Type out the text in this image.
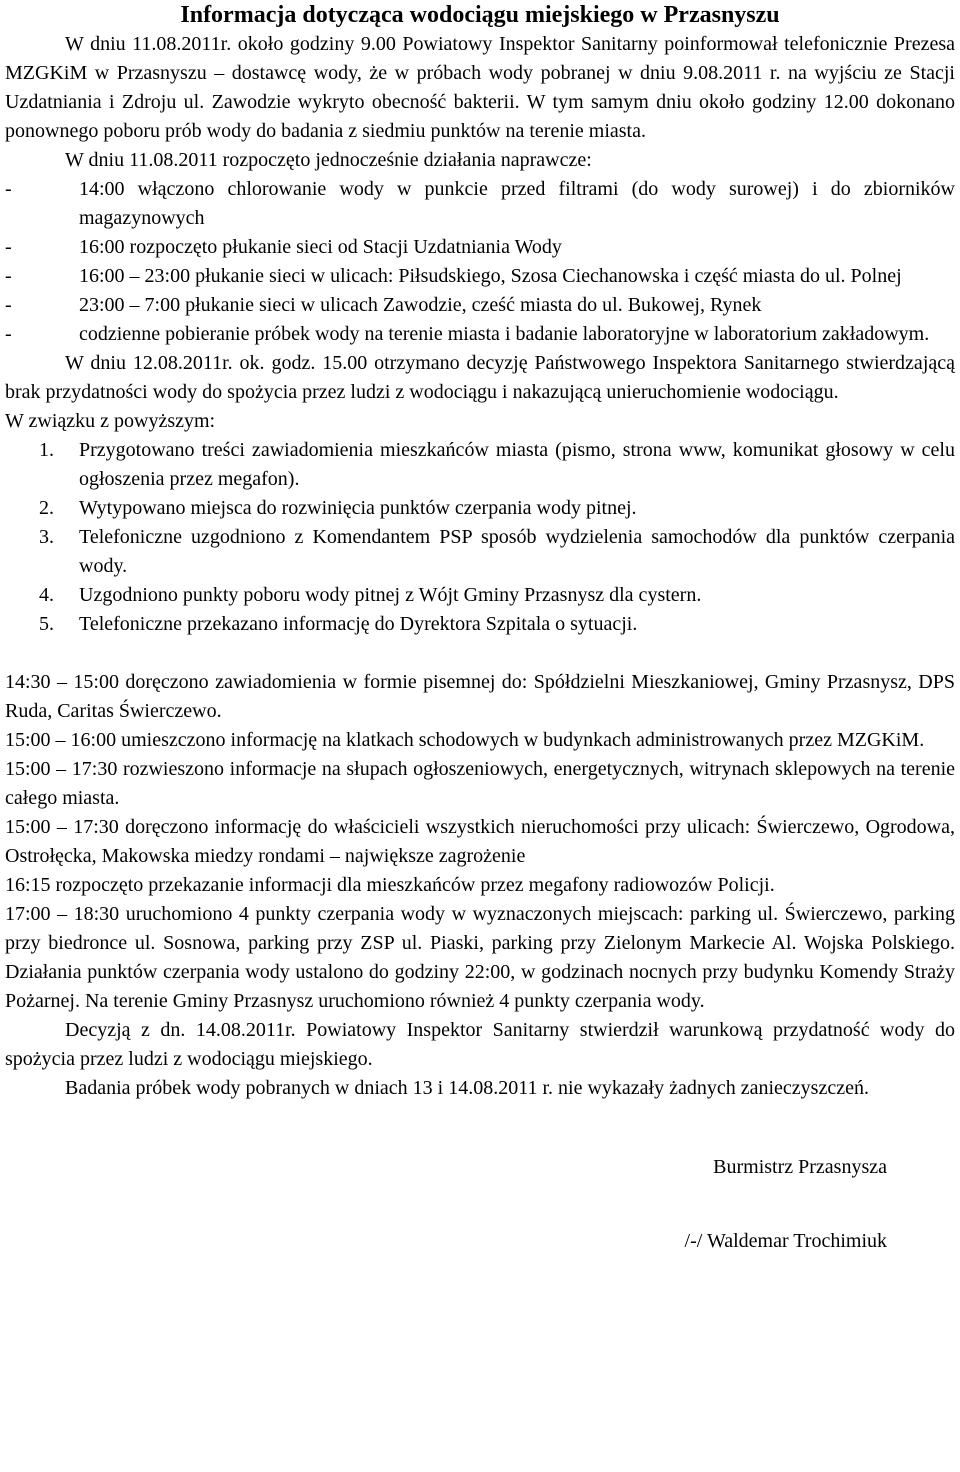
Informacja dotycząca wodociągu miejskiego w Przasnyszu

W dniu 11.08.2011r. około godziny 9.00 Powiatowy Inspektor Sanitarny poinformował telefonicznie Prezesa MZGKiM w Przasnyszu – dostawcę wody, że w próbach wody pobranej w dniu 9.08.2011 r. na wyjściu ze Stacji Uzdatniania i Zdroju ul. Zawodzie wykryto obecność bakterii. W tym samym dniu około godziny 12.00 dokonano ponownego poboru prób wody do badania z siedmiu punktów na terenie miasta.

W dniu 11.08.2011 rozpoczęto jednocześnie działania naprawcze:

-	14:00 włączono chlorowanie wody w punkcie przed filtrami (do wody surowej) i do zbiorników magazynowych
-	16:00 rozpoczęto płukanie sieci od Stacji Uzdatniania Wody
-	16:00 – 23:00 płukanie sieci w ulicach: Piłsudskiego, Szosa Ciechanowska i część miasta do ul. Polnej
-	23:00 – 7:00 płukanie sieci w ulicach Zawodzie, cześć miasta do ul. Bukowej, Rynek
-	codzienne pobieranie próbek wody na terenie miasta i badanie laboratoryjne w laboratorium zakładowym.

W dniu 12.08.2011r. ok. godz. 15.00 otrzymano decyzję Państwowego Inspektora Sanitarnego stwierdzającą brak przydatności wody do spożycia przez ludzi z wodociągu i nakazującą unieruchomienie wodociągu.

W związku z powyższym:

1. Przygotowano treści zawiadomienia mieszkańców miasta (pismo, strona www, komunikat głosowy w celu ogłoszenia przez megafon).
2. Wytypowano miejsca do rozwinięcia punktów czerpania wody pitnej.
3. Telefoniczne uzgodniono z Komendantem PSP sposób wydzielenia samochodów dla punktów czerpania wody.
4. Uzgodniono punkty poboru wody pitnej z Wójt Gminy Przasnysz dla cystern.
5. Telefoniczne przekazano informację do Dyrektora Szpitala o sytuacji.

14:30 – 15:00 doręczono zawiadomienia w formie pisemnej do: Spółdzielni Mieszkaniowej, Gminy Przasnysz, DPS Ruda, Caritas Świerczewo.

15:00 – 16:00 umieszczono informację na klatkach schodowych w budynkach administrowanych przez MZGKiM.

15:00 – 17:30 rozwieszono informacje na słupach ogłoszeniowych, energetycznych, witrynach sklepowych na terenie całego miasta.

15:00 – 17:30 doręczono informację do właścicieli wszystkich nieruchomości przy ulicach: Świerczewo, Ogrodowa, Ostrołęcka, Makowska miedzy rondami – największe zagrożenie

16:15 rozpoczęto przekazanie informacji dla mieszkańców przez megafony radiowozów Policji.

17:00 – 18:30 uruchomiono 4 punkty czerpania wody w wyznaczonych miejscach: parking ul. Świerczewo, parking przy biedronce ul. Sosnowa, parking przy ZSP ul. Piaski, parking przy Zielonym Markecie Al. Wojska Polskiego. Działania punktów czerpania wody ustalono do godziny 22:00, w godzinach nocnych przy budynku Komendy Straży Pożarnej. Na terenie Gminy Przasnysz uruchomiono również 4 punkty czerpania wody.

Decyzją z dn. 14.08.2011r. Powiatowy Inspektor Sanitarny stwierdził warunkową przydatność wody do spożycia przez ludzi z wodociągu miejskiego.

Badania próbek wody pobranych w dniach 13 i 14.08.2011 r. nie wykazały żadnych zanieczyszczeń.

Burmistrz Przasnysza

/-/ Waldemar Trochimiuk
